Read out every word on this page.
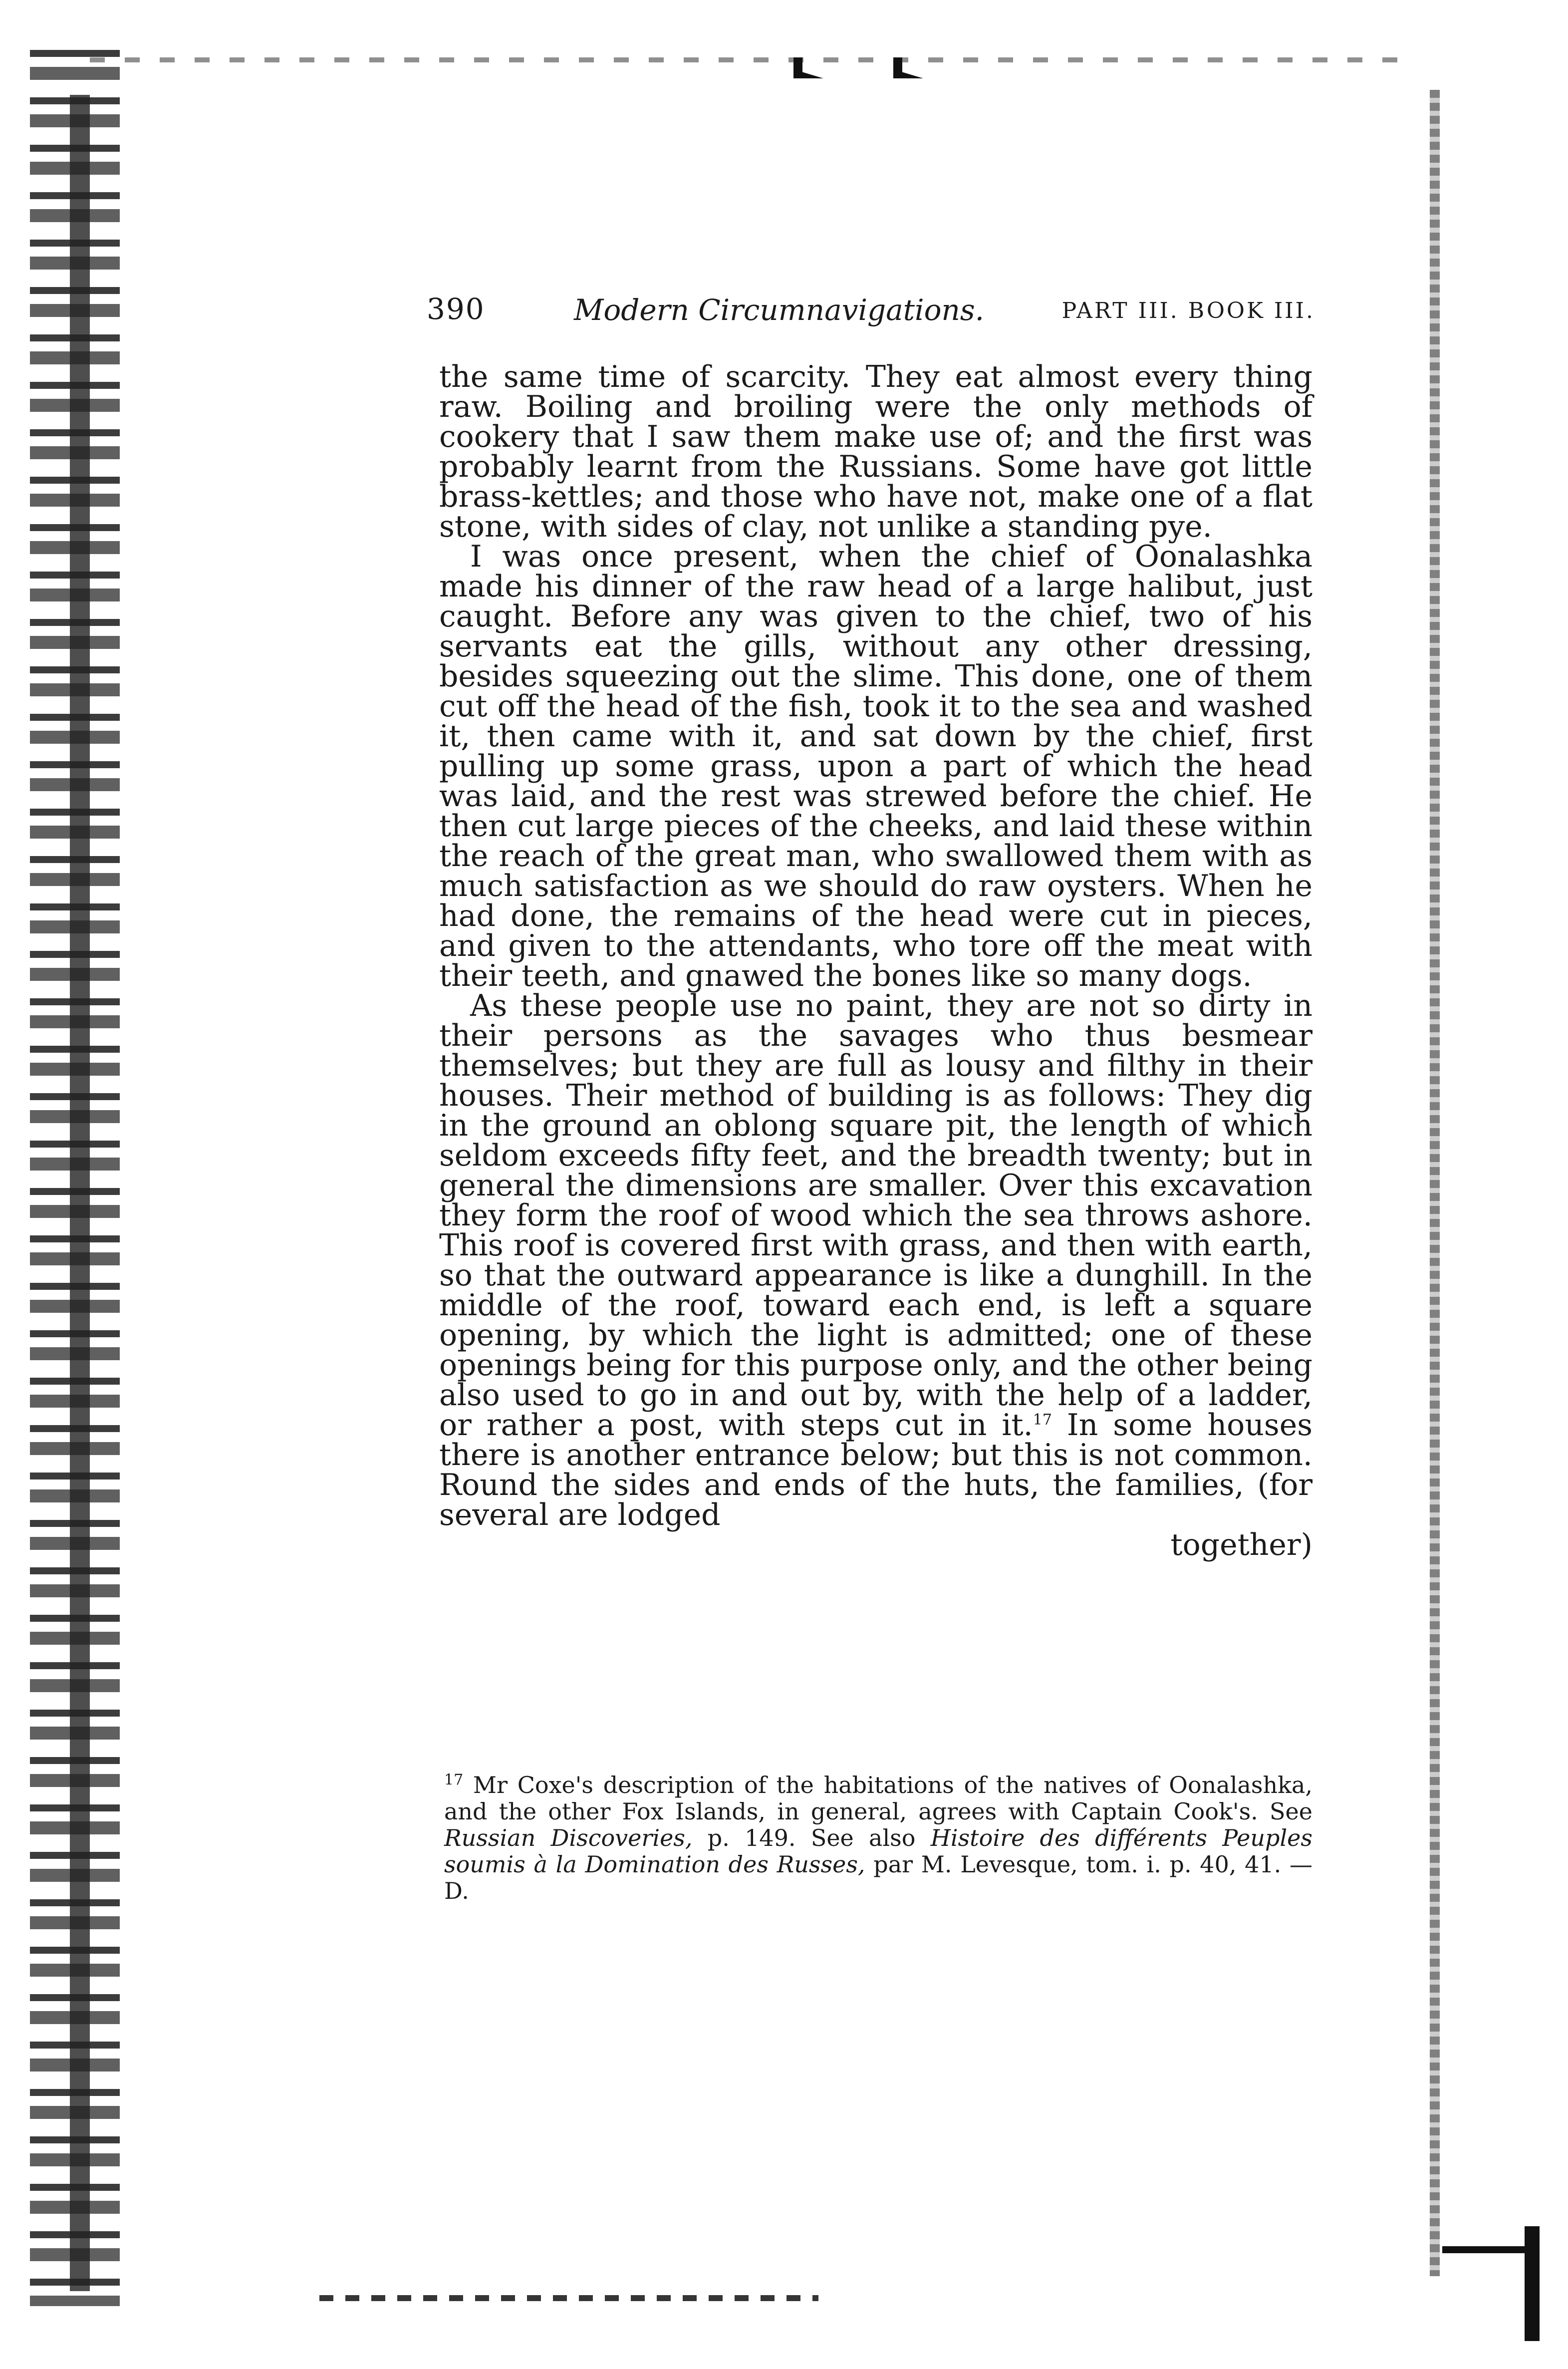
390	Modern Circumnavigations.	PART III. BOOK III.

the same time of scarcity. They eat almost every thing raw. Boiling and broiling were the only methods of cookery that I saw them make use of; and the first was probably learnt from the Russians. Some have got little brass-kettles; and those who have not, make one of a flat stone, with sides of clay, not unlike a standing pye.

I was once present, when the chief of Oonalashka made his dinner of the raw head of a large halibut, just caught. Before any was given to the chief, two of his servants eat the gills, without any other dressing, besides squeezing out the slime. This done, one of them cut off the head of the fish, took it to the sea and washed it, then came with it, and sat down by the chief, first pulling up some grass, upon a part of which the head was laid, and the rest was strewed before the chief. He then cut large pieces of the cheeks, and laid these within the reach of the great man, who swallowed them with as much satisfaction as we should do raw oysters. When he had done, the remains of the head were cut in pieces, and given to the attendants, who tore off the meat with their teeth, and gnawed the bones like so many dogs.

As these people use no paint, they are not so dirty in their persons as the savages who thus besmear themselves; but they are full as lousy and filthy in their houses. Their method of building is as follows: They dig in the ground an oblong square pit, the length of which seldom exceeds fifty feet, and the breadth twenty; but in general the dimensions are smaller. Over this excavation they form the roof of wood which the sea throws ashore. This roof is covered first with grass, and then with earth, so that the outward appearance is like a dunghill. In the middle of the roof, toward each end, is left a square opening, by which the light is admitted; one of these openings being for this purpose only, and the other being also used to go in and out by, with the help of a ladder, or rather a post, with steps cut in it.$^{17}$ In some houses there is another entrance below; but this is not common. Round the sides and ends of the huts, the families, (for several are lodged

together)

$^{17}$ Mr Coxe's description of the habitations of the natives of Oonalashka, and the other Fox Islands, in general, agrees with Captain Cook's. See Russian Discoveries, p. 149. See also Histoire des différents Peuples soumis à la Domination des Russes, par M. Levesque, tom. i. p. 40, 41. —D.
